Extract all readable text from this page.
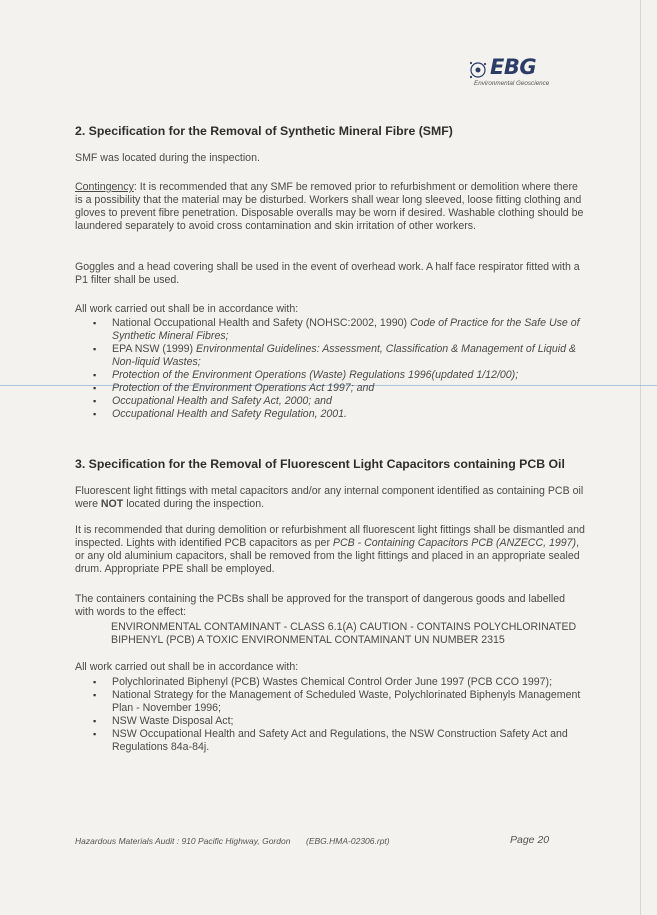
EBG
Environmental Geoscience
2. Specification for the Removal of Synthetic Mineral Fibre (SMF)
SMF was located during the inspection.
Contingency: It is recommended that any SMF be removed prior to refurbishment or demolition where there is a possibility that the material may be disturbed. Workers shall wear long sleeved, loose fitting clothing and gloves to prevent fibre penetration. Disposable overalls may be worn if desired. Washable clothing should be laundered separately to avoid cross contamination and skin irritation of other workers.
Goggles and a head covering shall be used in the event of overhead work. A half face respirator fitted with a P1 filter shall be used.
All work carried out shall be in accordance with:
▪ National Occupational Health and Safety (NOHSC:2002, 1990) Code of Practice for the Safe Use of Synthetic Mineral Fibres;
▪ EPA NSW (1999) Environmental Guidelines: Assessment, Classification & Management of Liquid & Non-liquid Wastes;
▪ Protection of the Environment Operations (Waste) Regulations 1996(updated 1/12/00);
▪ Protection of the Environment Operations Act 1997; and
▪ Occupational Health and Safety Act, 2000; and
▪ Occupational Health and Safety Regulation, 2001.
3. Specification for the Removal of Fluorescent Light Capacitors containing PCB Oil
Fluorescent light fittings with metal capacitors and/or any internal component identified as containing PCB oil were NOT located during the inspection.
It is recommended that during demolition or refurbishment all fluorescent light fittings shall be dismantled and inspected. Lights with identified PCB capacitors as per PCB - Containing Capacitors PCB (ANZECC, 1997), or any old aluminium capacitors, shall be removed from the light fittings and placed in an appropriate sealed drum. Appropriate PPE shall be employed.
The containers containing the PCBs shall be approved for the transport of dangerous goods and labelled with words to the effect:
ENVIRONMENTAL CONTAMINANT - CLASS 6.1(A) CAUTION - CONTAINS POLYCHLORINATED BIPHENYL (PCB) A TOXIC ENVIRONMENTAL CONTAMINANT UN NUMBER 2315
All work carried out shall be in accordance with:
▪ Polychlorinated Biphenyl (PCB) Wastes Chemical Control Order June 1997 (PCB CCO 1997);
▪ National Strategy for the Management of Scheduled Waste, Polychlorinated Biphenyls Management Plan - November 1996;
▪ NSW Waste Disposal Act;
▪ NSW Occupational Health and Safety Act and Regulations, the NSW Construction Safety Act and Regulations 84a-84j.
Hazardous Materials Audit : 910 Pacific Highway, Gordon (EBG.HMA-02306.rpt)	Page 20
